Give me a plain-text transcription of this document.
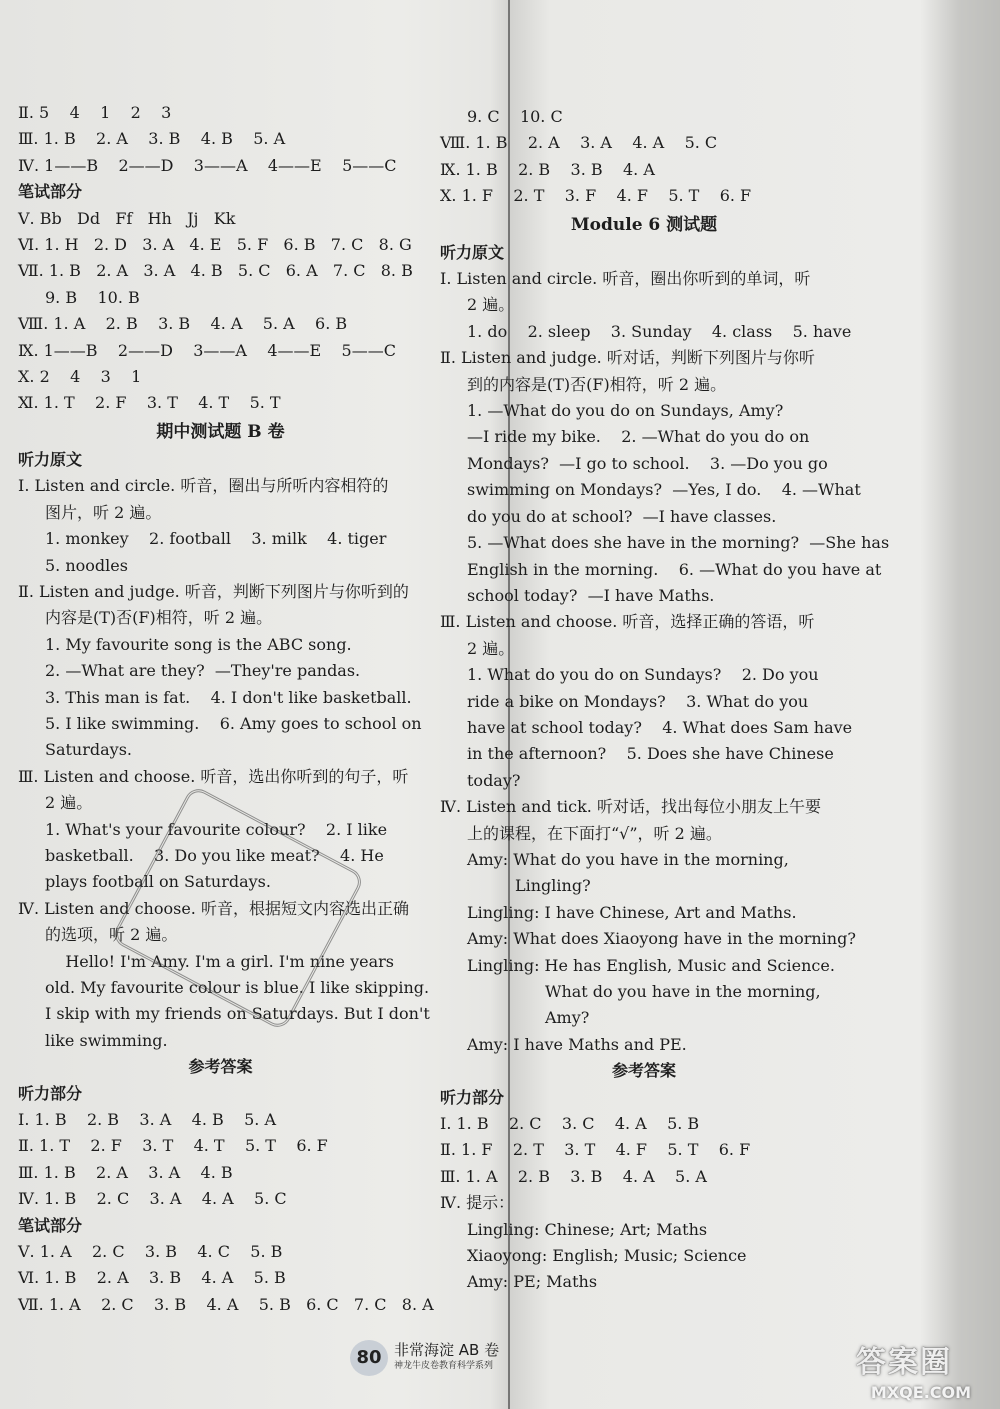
Ⅱ. 5    4    1    2    3
Ⅲ. 1. B    2. A    3. B    4. B    5. A
Ⅳ. 1——B    2——D    3——A    4——E    5——C
笔试部分
Ⅴ. Bb   Dd   Ff   Hh   Jj   Kk
Ⅵ. 1. H   2. D   3. A   4. E   5. F   6. B   7. C   8. G
Ⅶ. 1. B   2. A   3. A   4. B   5. C   6. A   7. C   8. B
9. B    10. B
Ⅷ. 1. A    2. B    3. B    4. A    5. A    6. B
Ⅸ. 1——B    2——D    3——A    4——E    5——C
Ⅹ. 2    4    3    1
Ⅺ. 1. T    2. F    3. T    4. T    5. T
期中测试题 B 卷
听力原文
Ⅰ. Listen and circle. 听音，圈出与所听内容相符的
图片，听 2 遍。
1. monkey    2. football    3. milk    4. tiger
5. noodles
Ⅱ. Listen and judge. 听音，判断下列图片与你听到的
内容是(T)否(F)相符，听 2 遍。
1. My favourite song is the ABC song.
2. —What are they?  —They're pandas.
3. This man is fat.    4. I don't like basketball.
5. I like swimming.    6. Amy goes to school on
Saturdays.
Ⅲ. Listen and choose. 听音，选出你听到的句子，听
2 遍。
1. What's your favourite colour?    2. I like
basketball.    3. Do you like meat?    4. He
plays football on Saturdays.
Ⅳ. Listen and choose. 听音，根据短文内容选出正确
的选项，听 2 遍。
Hello! I'm Amy. I'm a girl. I'm nine years
old. My favourite colour is blue. I like skipping.
I skip with my friends on Saturdays. But I don't
like swimming.
参考答案
听力部分
Ⅰ. 1. B    2. B    3. A    4. B    5. A
Ⅱ. 1. T    2. F    3. T    4. T    5. T    6. F
Ⅲ. 1. B    2. A    3. A    4. B
Ⅳ. 1. B    2. C    3. A    4. A    5. C
笔试部分
Ⅴ. 1. A    2. C    3. B    4. C    5. B
Ⅵ. 1. B    2. A    3. B    4. A    5. B
Ⅶ. 1. A    2. C    3. B    4. A    5. B   6. C   7. C   8. A
9. C    10. C
Ⅷ. 1. B    2. A    3. A    4. A    5. C
Ⅸ. 1. B    2. B    3. B    4. A
Ⅹ. 1. F    2. T    3. F    4. F    5. T    6. F
Module 6 测试题
听力原文
Ⅰ. Listen and circle. 听音，圈出你听到的单词，听
2 遍。
1. do    2. sleep    3. Sunday    4. class    5. have
Ⅱ. Listen and judge. 听对话，判断下列图片与你听
到的内容是(T)否(F)相符，听 2 遍。
1. —What do you do on Sundays, Amy?
—I ride my bike.    2. —What do you do on
Mondays?  —I go to school.    3. —Do you go
swimming on Mondays?  —Yes, I do.    4. —What
do you do at school?  —I have classes.
5. —What does she have in the morning?  —She has
English in the morning.    6. —What do you have at
school today?  —I have Maths.
Ⅲ. Listen and choose. 听音，选择正确的答语，听
2 遍。
1. What do you do on Sundays?    2. Do you
ride a bike on Mondays?    3. What do you
have at school today?    4. What does Sam have
in the afternoon?    5. Does she have Chinese
today?
Ⅳ. Listen and tick. 听对话，找出每位小朋友上午要
上的课程，在下面打“√”，听 2 遍。
Amy: What do you have in the morning,
Lingling?
Lingling: I have Chinese, Art and Maths.
Amy: What does Xiaoyong have in the morning?
Lingling: He has English, Music and Science.
What do you have in the morning,
Amy?
Amy: I have Maths and PE.
参考答案
听力部分
Ⅰ. 1. B    2. C    3. C    4. A    5. B
Ⅱ. 1. F    2. T    3. T    4. F    5. T    6. F
Ⅲ. 1. A    2. B    3. B    4. A    5. A
Ⅳ. 提示：
Lingling: Chinese; Art; Maths
Xiaoyong: English; Music; Science
Amy: PE; Maths
80 非常海淀 AB 卷
神龙牛皮卷教育科学系列	答案圈
MXQE.COM
